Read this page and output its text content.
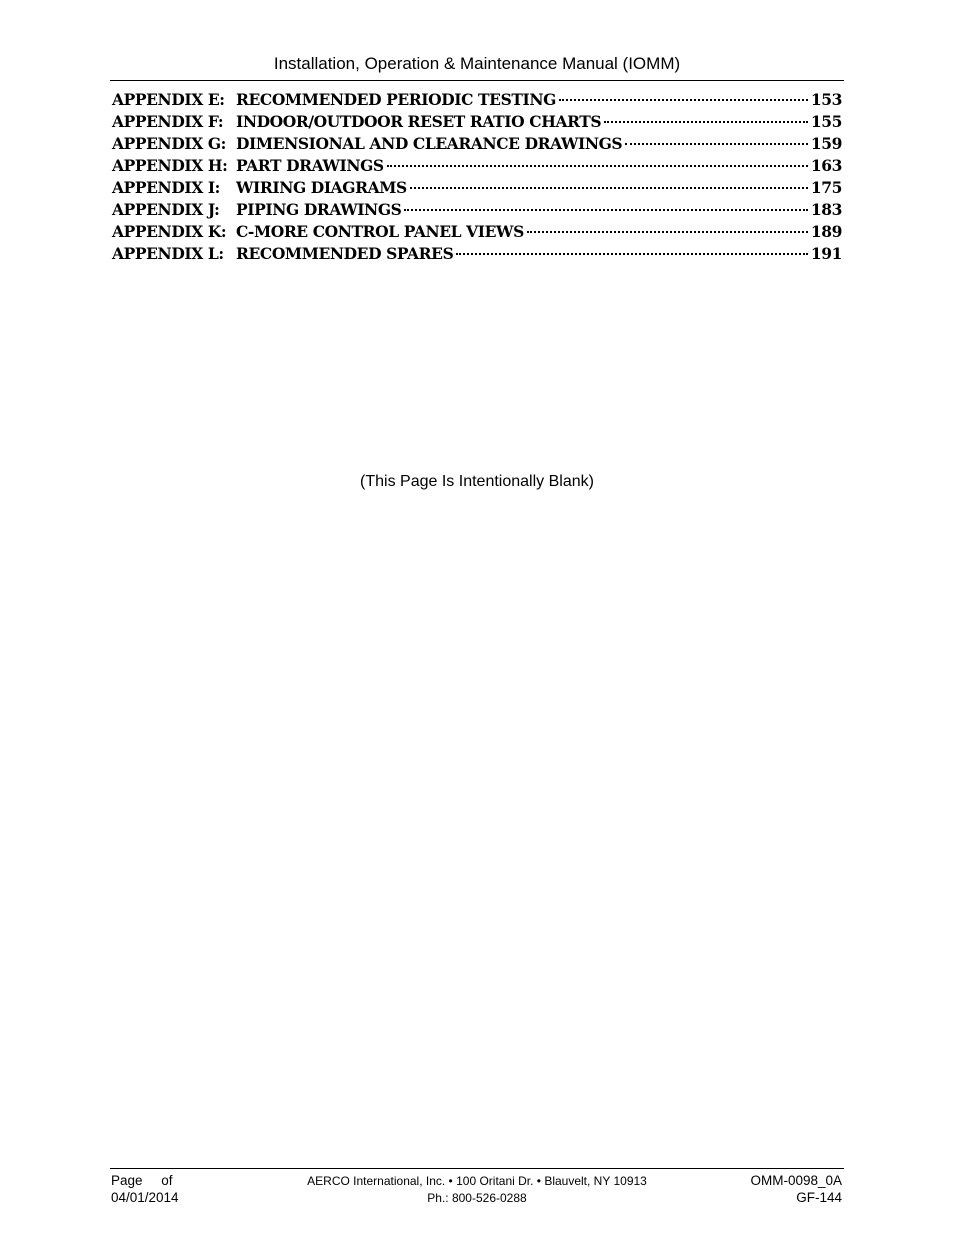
Installation, Operation & Maintenance Manual (IOMM)
APPENDIX E: RECOMMENDED PERIODIC TESTING	153
APPENDIX F: INDOOR/OUTDOOR RESET RATIO CHARTS	155
APPENDIX G: DIMENSIONAL AND CLEARANCE DRAWINGS	159
APPENDIX H: PART DRAWINGS	163
APPENDIX I:	WIRING DIAGRAMS	175
APPENDIX J:	PIPING DRAWINGS	183
APPENDIX K: C-MORE CONTROL PANEL VIEWS	189
APPENDIX L: RECOMMENDED SPARES	191
(This Page Is Intentionally Blank)
Page of
04/01/2014
AERCO International, Inc. • 100 Oritani Dr. • Blauvelt, NY 10913
Ph.: 800-526-0288
OMM-0098_0A
GF-144
